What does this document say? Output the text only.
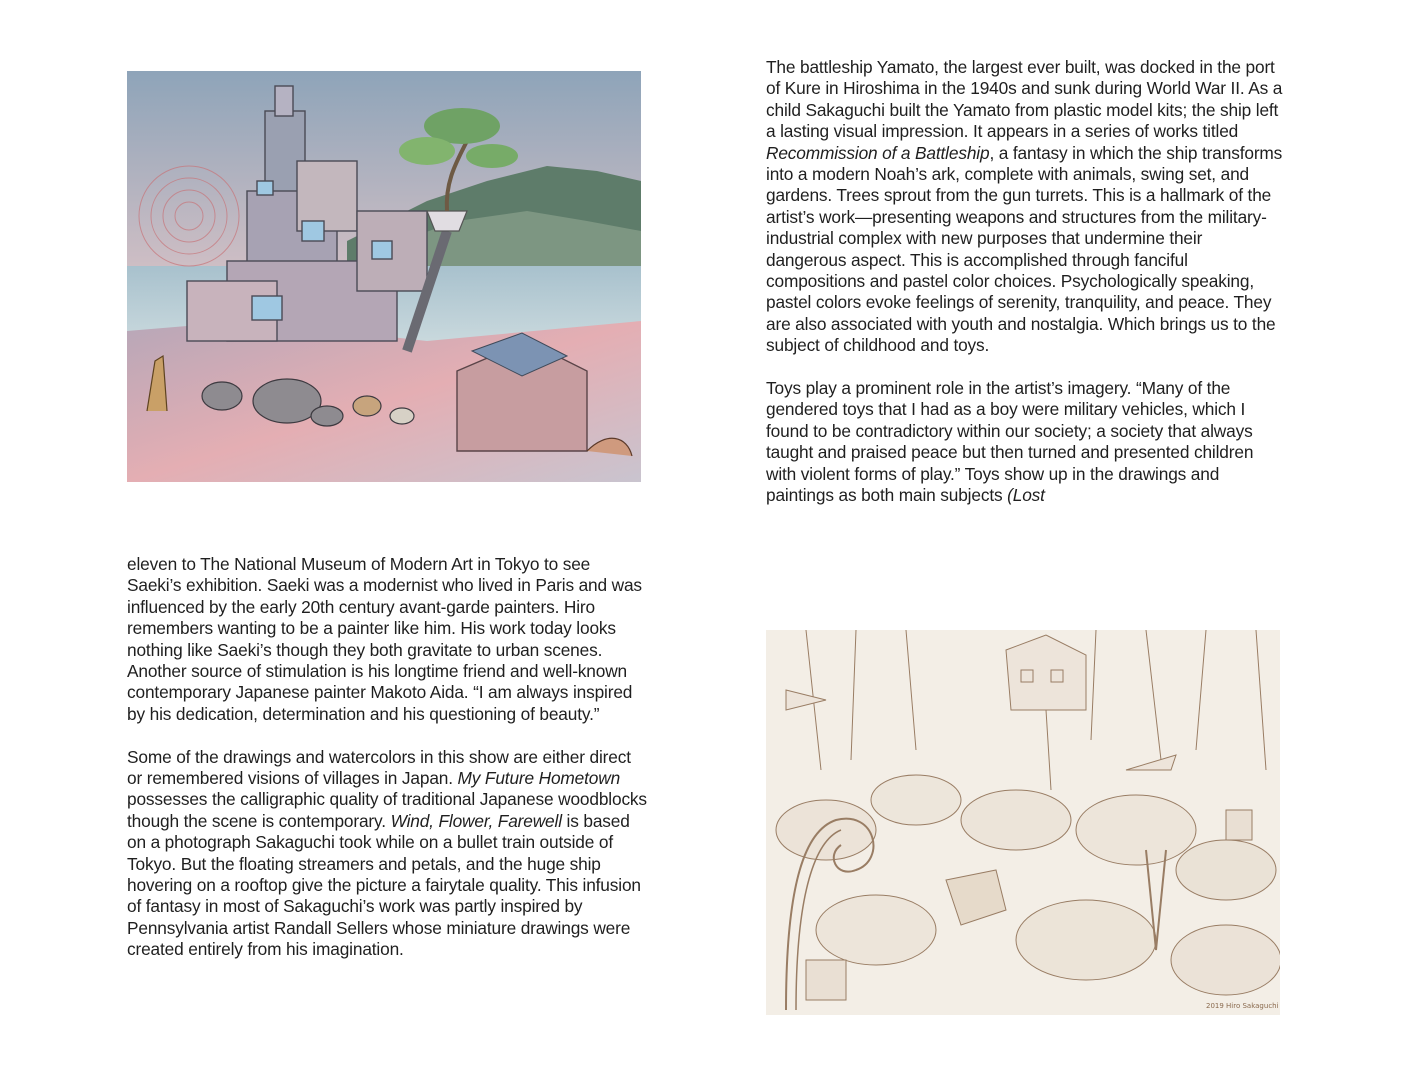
eleven to The National Museum of Modern Art in Tokyo to see Saeki’s exhibition. Saeki was a modernist who lived in Paris and was influenced by the early 20th century avant-garde painters. Hiro remembers wanting to be a painter like him. His work today looks nothing like Saeki’s though they both gravitate to urban scenes. Another source of stimulation is his longtime friend and well-known contemporary Japanese painter Makoto Aida. “I am always inspired by his dedication, determination and his questioning of beauty.”

Some of the drawings and watercolors in this show are either direct or remembered visions of villages in Japan. My Future Hometown possesses the calligraphic quality of traditional Japanese woodblocks though the scene is contemporary. Wind, Flower, Farewell is based on a photograph Sakaguchi took while on a bullet train outside of Tokyo. But the floating streamers and petals, and the huge ship hovering on a rooftop give the picture a fairytale quality. This infusion of fantasy in most of Sakaguchi’s work was partly inspired by Pennsylvania artist Randall Sellers whose miniature drawings were created entirely from his imagination.

The battleship Yamato, the largest ever built, was docked in the port of Kure in Hiroshima in the 1940s and sunk during World War II. As a child Sakaguchi built the Yamato from plastic model kits; the ship left a lasting visual impression. It appears in a series of works titled Recommission of a Battleship, a fantasy in which the ship transforms into a modern Noah’s ark, complete with animals, swing set, and gardens. Trees sprout from the gun turrets. This is a hallmark of the artist’s work—presenting weapons and structures from the military-industrial complex with new purposes that undermine their dangerous aspect. This is accomplished through fanciful compositions and pastel color choices. Psychologically speaking, pastel colors evoke feelings of serenity, tranquility, and peace. They are also associated with youth and nostalgia. Which brings us to the subject of childhood and toys.

Toys play a prominent role in the artist’s imagery. “Many of the gendered toys that I had as a boy were military vehicles, which I found to be contradictory within our society; a society that always taught and praised peace but then turned and presented children with violent forms of play.” Toys show up in the drawings and paintings as both main subjects (Lost

2019 Hiro Sakaguchi
